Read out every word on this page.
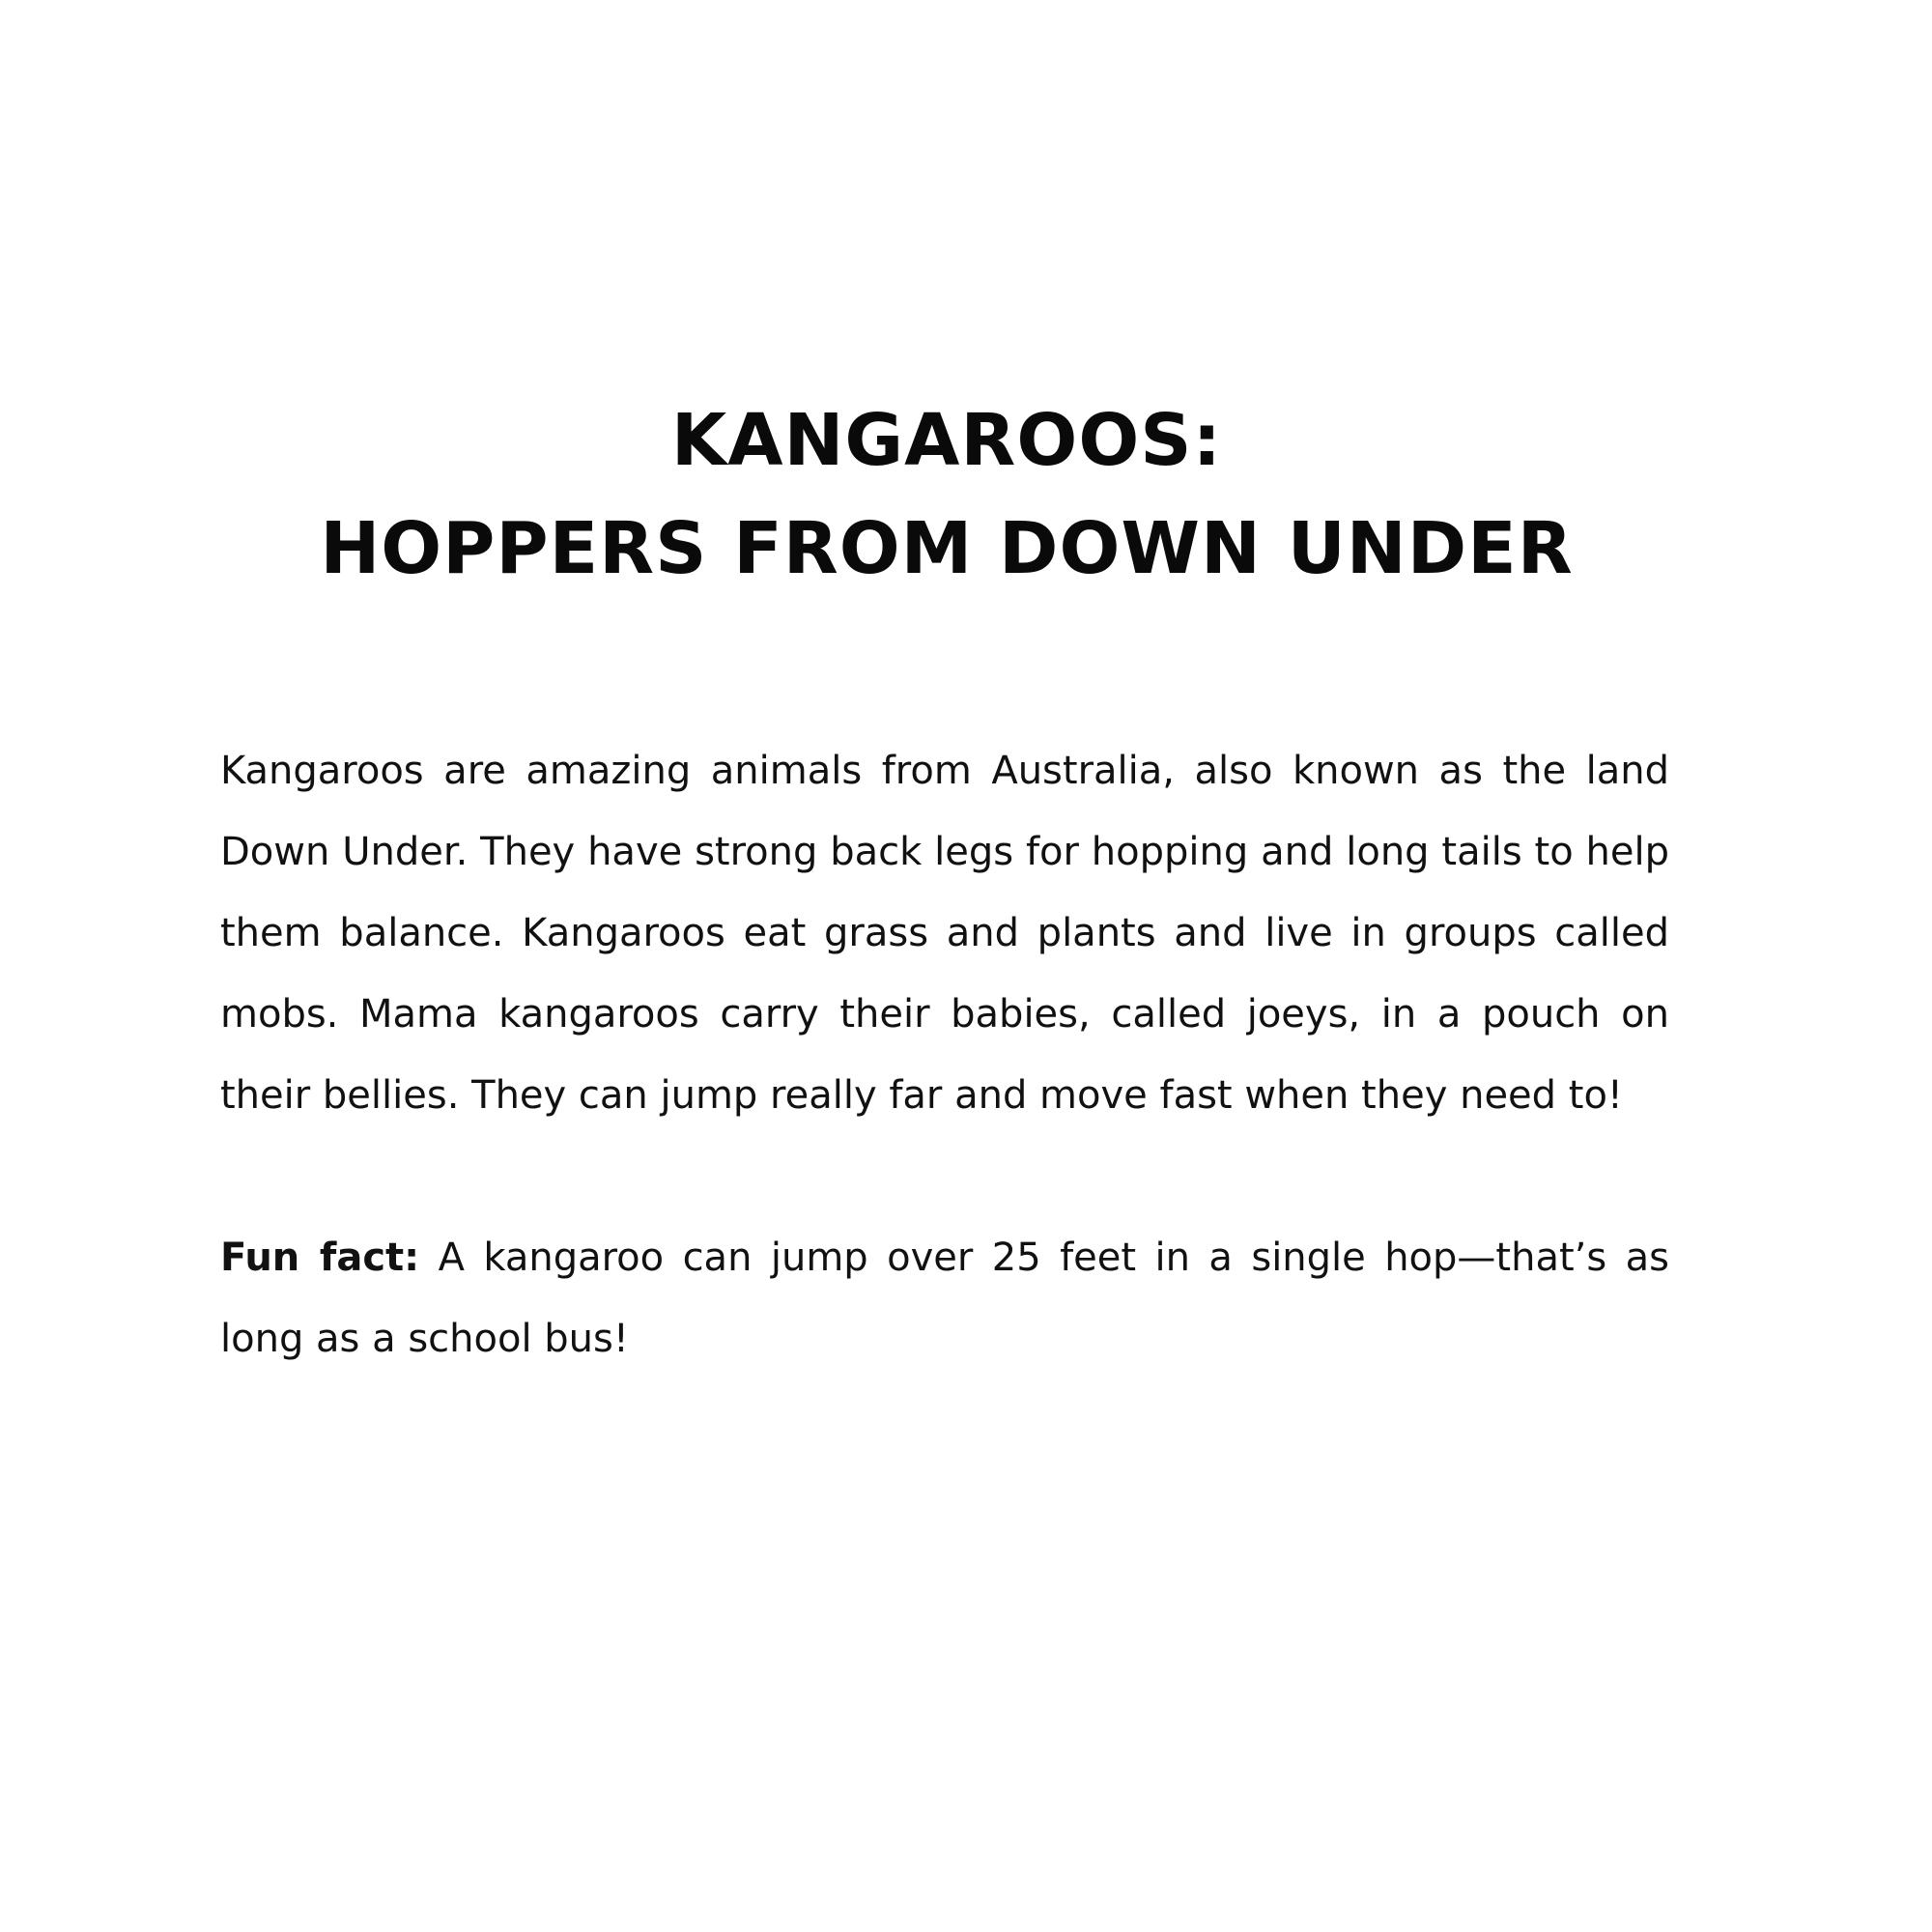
KANGAROOS:
HOPPERS FROM DOWN UNDER

Kangaroos are amazing animals from Australia, also known as the land Down Under. They have strong back legs for hopping and long tails to help them balance. Kangaroos eat grass and plants and live in groups called mobs. Mama kangaroos carry their babies, called joeys, in a pouch on their bellies. They can jump really far and move fast when they need to!

Fun fact: A kangaroo can jump over 25 feet in a single hop—that’s as long as a school bus!
